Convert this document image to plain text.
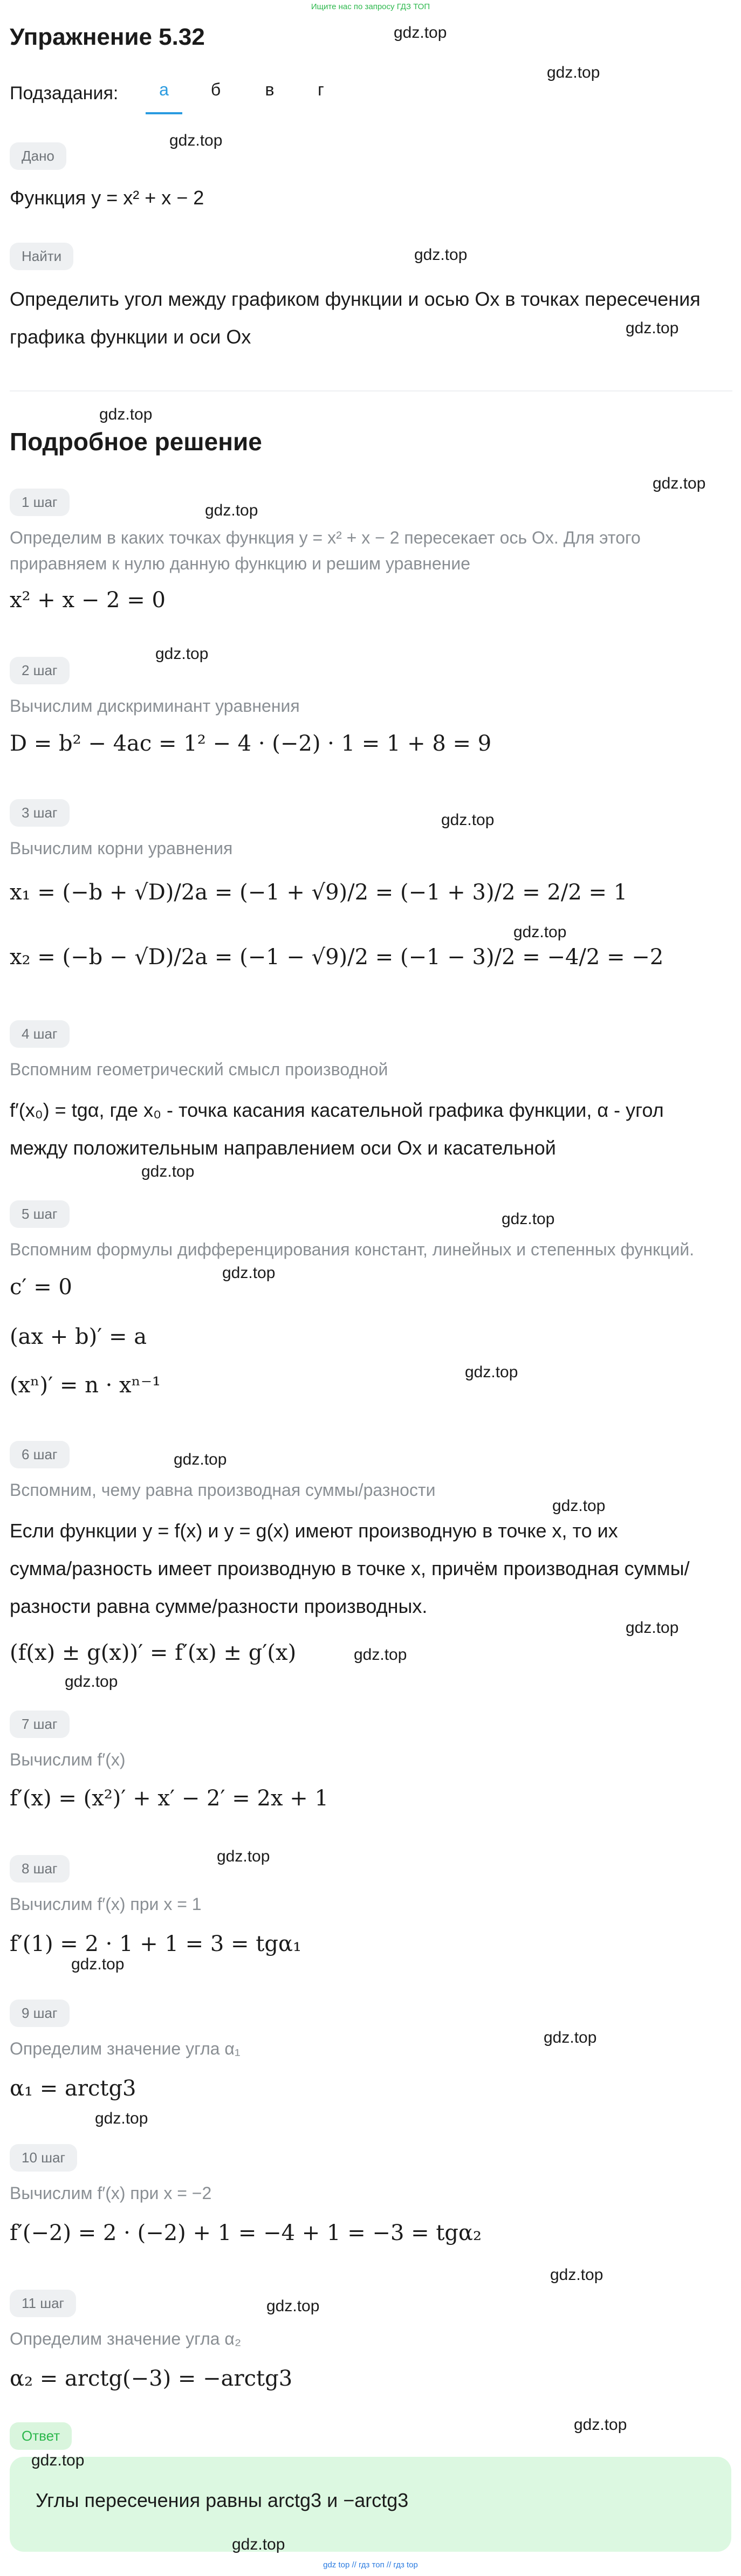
Ищите нас по запросу ГДЗ ТОП
Упражнение 5.32
Подзадания:	а	б	в	г
Дано
Функция y = x² + x − 2
Найти
Определить угол между графиком функции и осью Ox в точках пересечения
графика функции и оси Ox
Подробное решение
1 шаг
Определим в каких точках функция y = x² + x − 2 пересекает ось Ox. Для этого
приравняем к нулю данную функцию и решим уравнение
x² + x − 2 = 0
2 шаг
Вычислим дискриминант уравнения
D = b² − 4ac = 1² − 4 · (−2) · 1 = 1 + 8 = 9
3 шаг
Вычислим корни уравнения
x₁ = (−b + √D)/2a = (−1 + √9)/2 = (−1 + 3)/2 = 2/2 = 1
x₂ = (−b − √D)/2a = (−1 − √9)/2 = (−1 − 3)/2 = −4/2 = −2
4 шаг
Вспомним геометрический смысл производной
f′(x₀) = tgα, где x₀ - точка касания касательной графика функции, α - угол
между положительным направлением оси Ox и касательной
5 шаг
Вспомним формулы дифференцирования констант, линейных и степенных функций.
c′ = 0
(ax + b)′ = a
(xⁿ)′ = n · xⁿ⁻¹
6 шаг
Вспомним, чему равна производная суммы/разности
Если функции y = f(x) и y = g(x) имеют производную в точке x, то их
сумма/разность имеет производную в точке x, причём производная суммы/
разности равна сумме/разности производных.
(f(x) ± g(x))′ = f′(x) ± g′(x)
7 шаг
Вычислим f′(x)
f′(x) = (x²)′ + x′ − 2′ = 2x + 1
8 шаг
Вычислим f′(x) при x = 1
f′(1) = 2 · 1 + 1 = 3 = tgα₁
9 шаг
Определим значение угла α₁
α₁ = arctg3
10 шаг
Вычислим f′(x) при x = −2
f′(−2) = 2 · (−2) + 1 = −4 + 1 = −3 = tgα₂
11 шаг
Определим значение угла α₂
α₂ = arctg(−3) = −arctg3
Ответ
Углы пересечения равны arctg3 и −arctg3
gdz.top
gdz.top
gdz.top
gdz.top
gdz.top
gdz.top
gdz.top
gdz.top
gdz.top
gdz.top
gdz.top
gdz.top
gdz.top
gdz.top
gdz.top
gdz.top
gdz.top
gdz.top
gdz.top
gdz.top
gdz.top
gdz.top
gdz.top
gdz.top
gdz.top
gdz.top
gdz.top
gdz.top
gdz.top
gdz top // гдз топ // гдз top
